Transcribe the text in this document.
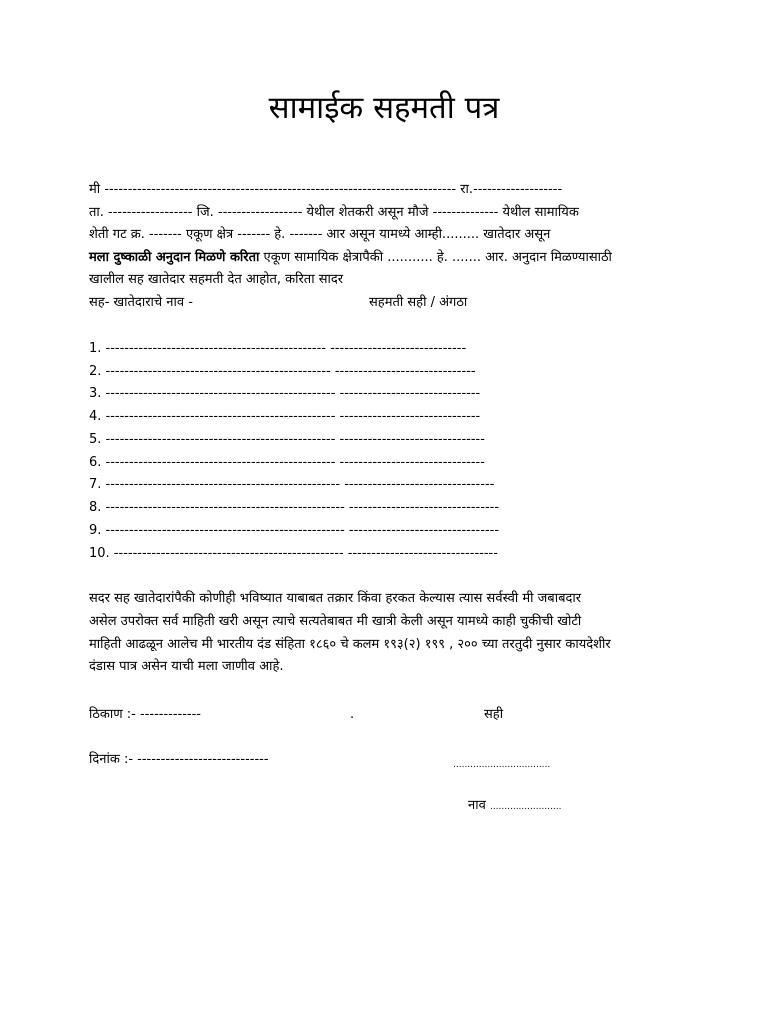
सामाईक सहमती पत्र
मी --------------------------------------------------------------------------- रा.-------------------
ता. ------------------ जि. ------------------ येथील शेतकरी असून मौजे -------------- येथील सामायिक
शेती गट क्र. ------- एकूण क्षेत्र ------- हे. ------- आर असून यामध्ये आम्ही......... खातेदार असून
मला दुष्काळी अनुदान मिळणे करिता एकूण सामायिक क्षेत्रापैकी ........... हे. ....... आर. अनुदान मिळण्यासाठी
खालील सह खातेदार सहमती देत आहोत, करिता सादर
सह- खातेदाराचे नाव -	सहमती सही / अंगठा
1. ----------------------------------------------- -----------------------------
2. ------------------------------------------------ ------------------------------
3. ------------------------------------------------- ------------------------------
4. ------------------------------------------------- ------------------------------
5. ------------------------------------------------- -------------------------------
6. ------------------------------------------------- -------------------------------
7. -------------------------------------------------- --------------------------------
8. --------------------------------------------------- --------------------------------
9. --------------------------------------------------- --------------------------------
10. ------------------------------------------------- --------------------------------
सदर सह खातेदारांपैकी कोणीही भविष्यात याबाबत तक्रार किंवा हरकत केल्यास त्यास सर्वस्वी मी जबाबदार
असेल उपरोक्त सर्व माहिती खरी असून त्याचे सत्यतेबाबत मी खात्री केली असून यामध्ये काही चुकीची खोटी
माहिती आढळून आलेच मी भारतीय दंड संहिता १८६० चे कलम १९३(२) १९९ , २०० च्या तरतुदी नुसार कायदेशीर
दंडास पात्र असेन याची मला जाणीव आहे.
ठिकाण :- -------------	.	सही
दिनांक :- ----------------------------	..................................
नाव .........................
